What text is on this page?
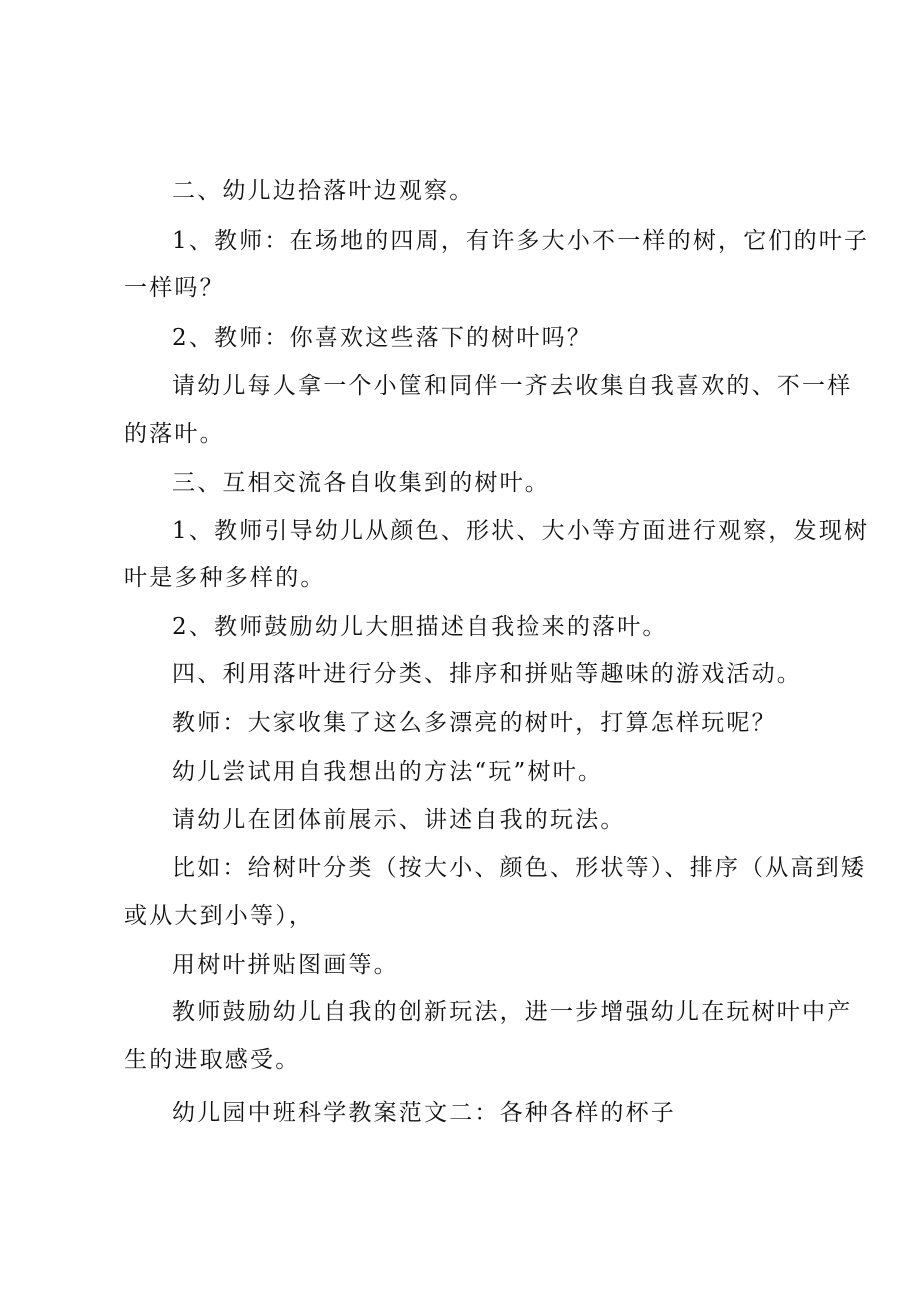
二、幼儿边拾落叶边观察。
1、教师：在场地的四周，有许多大小不一样的树，它们的叶子
一样吗？
2、教师：你喜欢这些落下的树叶吗？
请幼儿每人拿一个小筐和同伴一齐去收集自我喜欢的、不一样
的落叶。
三、互相交流各自收集到的树叶。
1、教师引导幼儿从颜色、形状、大小等方面进行观察，发现树
叶是多种多样的。
2、教师鼓励幼儿大胆描述自我捡来的落叶。
四、利用落叶进行分类、排序和拼贴等趣味的游戏活动。
教师：大家收集了这么多漂亮的树叶，打算怎样玩呢？
幼儿尝试用自我想出的方法“玩”树叶。
请幼儿在团体前展示、讲述自我的玩法。
比如：给树叶分类（按大小、颜色、形状等）、排序（从高到矮
或从大到小等），
用树叶拼贴图画等。
教师鼓励幼儿自我的创新玩法，进一步增强幼儿在玩树叶中产
生的进取感受。
幼儿园中班科学教案范文二：各种各样的杯子
